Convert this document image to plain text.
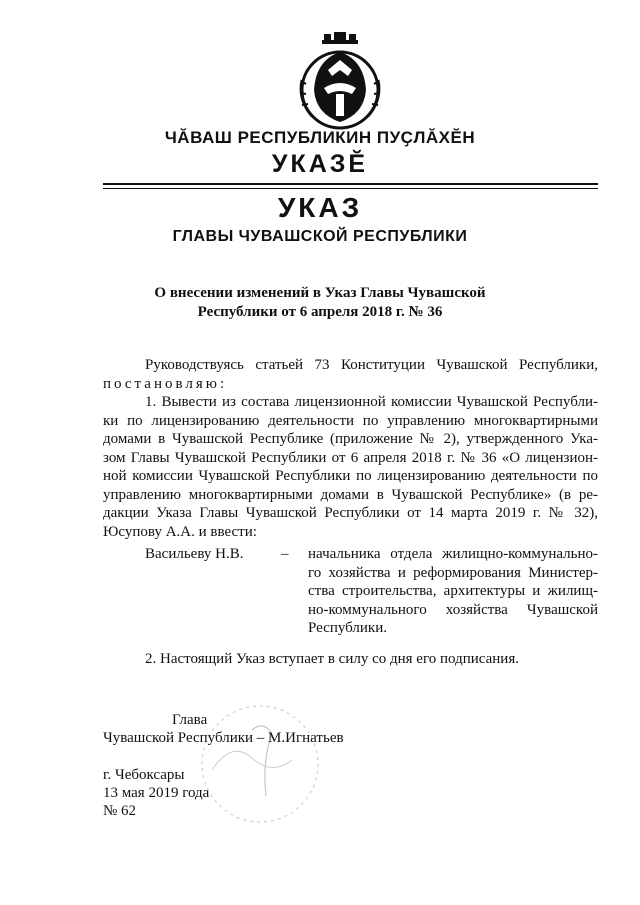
ЧӐВАШ РЕСПУБЛИКИН ПУҪЛӐХӖН
УКАЗӖ
УКАЗ
ГЛАВЫ ЧУВАШСКОЙ РЕСПУБЛИКИ
О внесении изменений в Указ Главы Чувашской
Республики от 6 апреля 2018 г. № 36
Руководствуясь статьей 73 Конституции Чувашской Республики,
постановляю:
1. Вывести из состава лицензионной комиссии Чувашской Республи-
ки по лицензированию деятельности по управлению многоквартирными
домами в Чувашской Республике (приложение № 2), утвержденного Ука-
зом Главы Чувашской Республики от 6 апреля 2018 г. № 36 «О лицензион-
ной комиссии Чувашской Республики по лицензированию деятельности по
управлению многоквартирными домами в Чувашской Республике» (в ре-
дакции Указа Главы Чувашской Республики от 14 марта 2019 г. № 32),
Юсупову А.А. и ввести:
Васильеву Н.В.	– начальника отдела жилищно-коммунально-
го хозяйства и реформирования Министер-
ства строительства, архитектуры и жилищ-
но-коммунального хозяйства Чувашской
Республики.
2. Настоящий Указ вступает в силу со дня его подписания.
Глава
Чувашской Республики – М.Игнатьев
г. Чебоксары
13 мая 2019 года
№ 62
